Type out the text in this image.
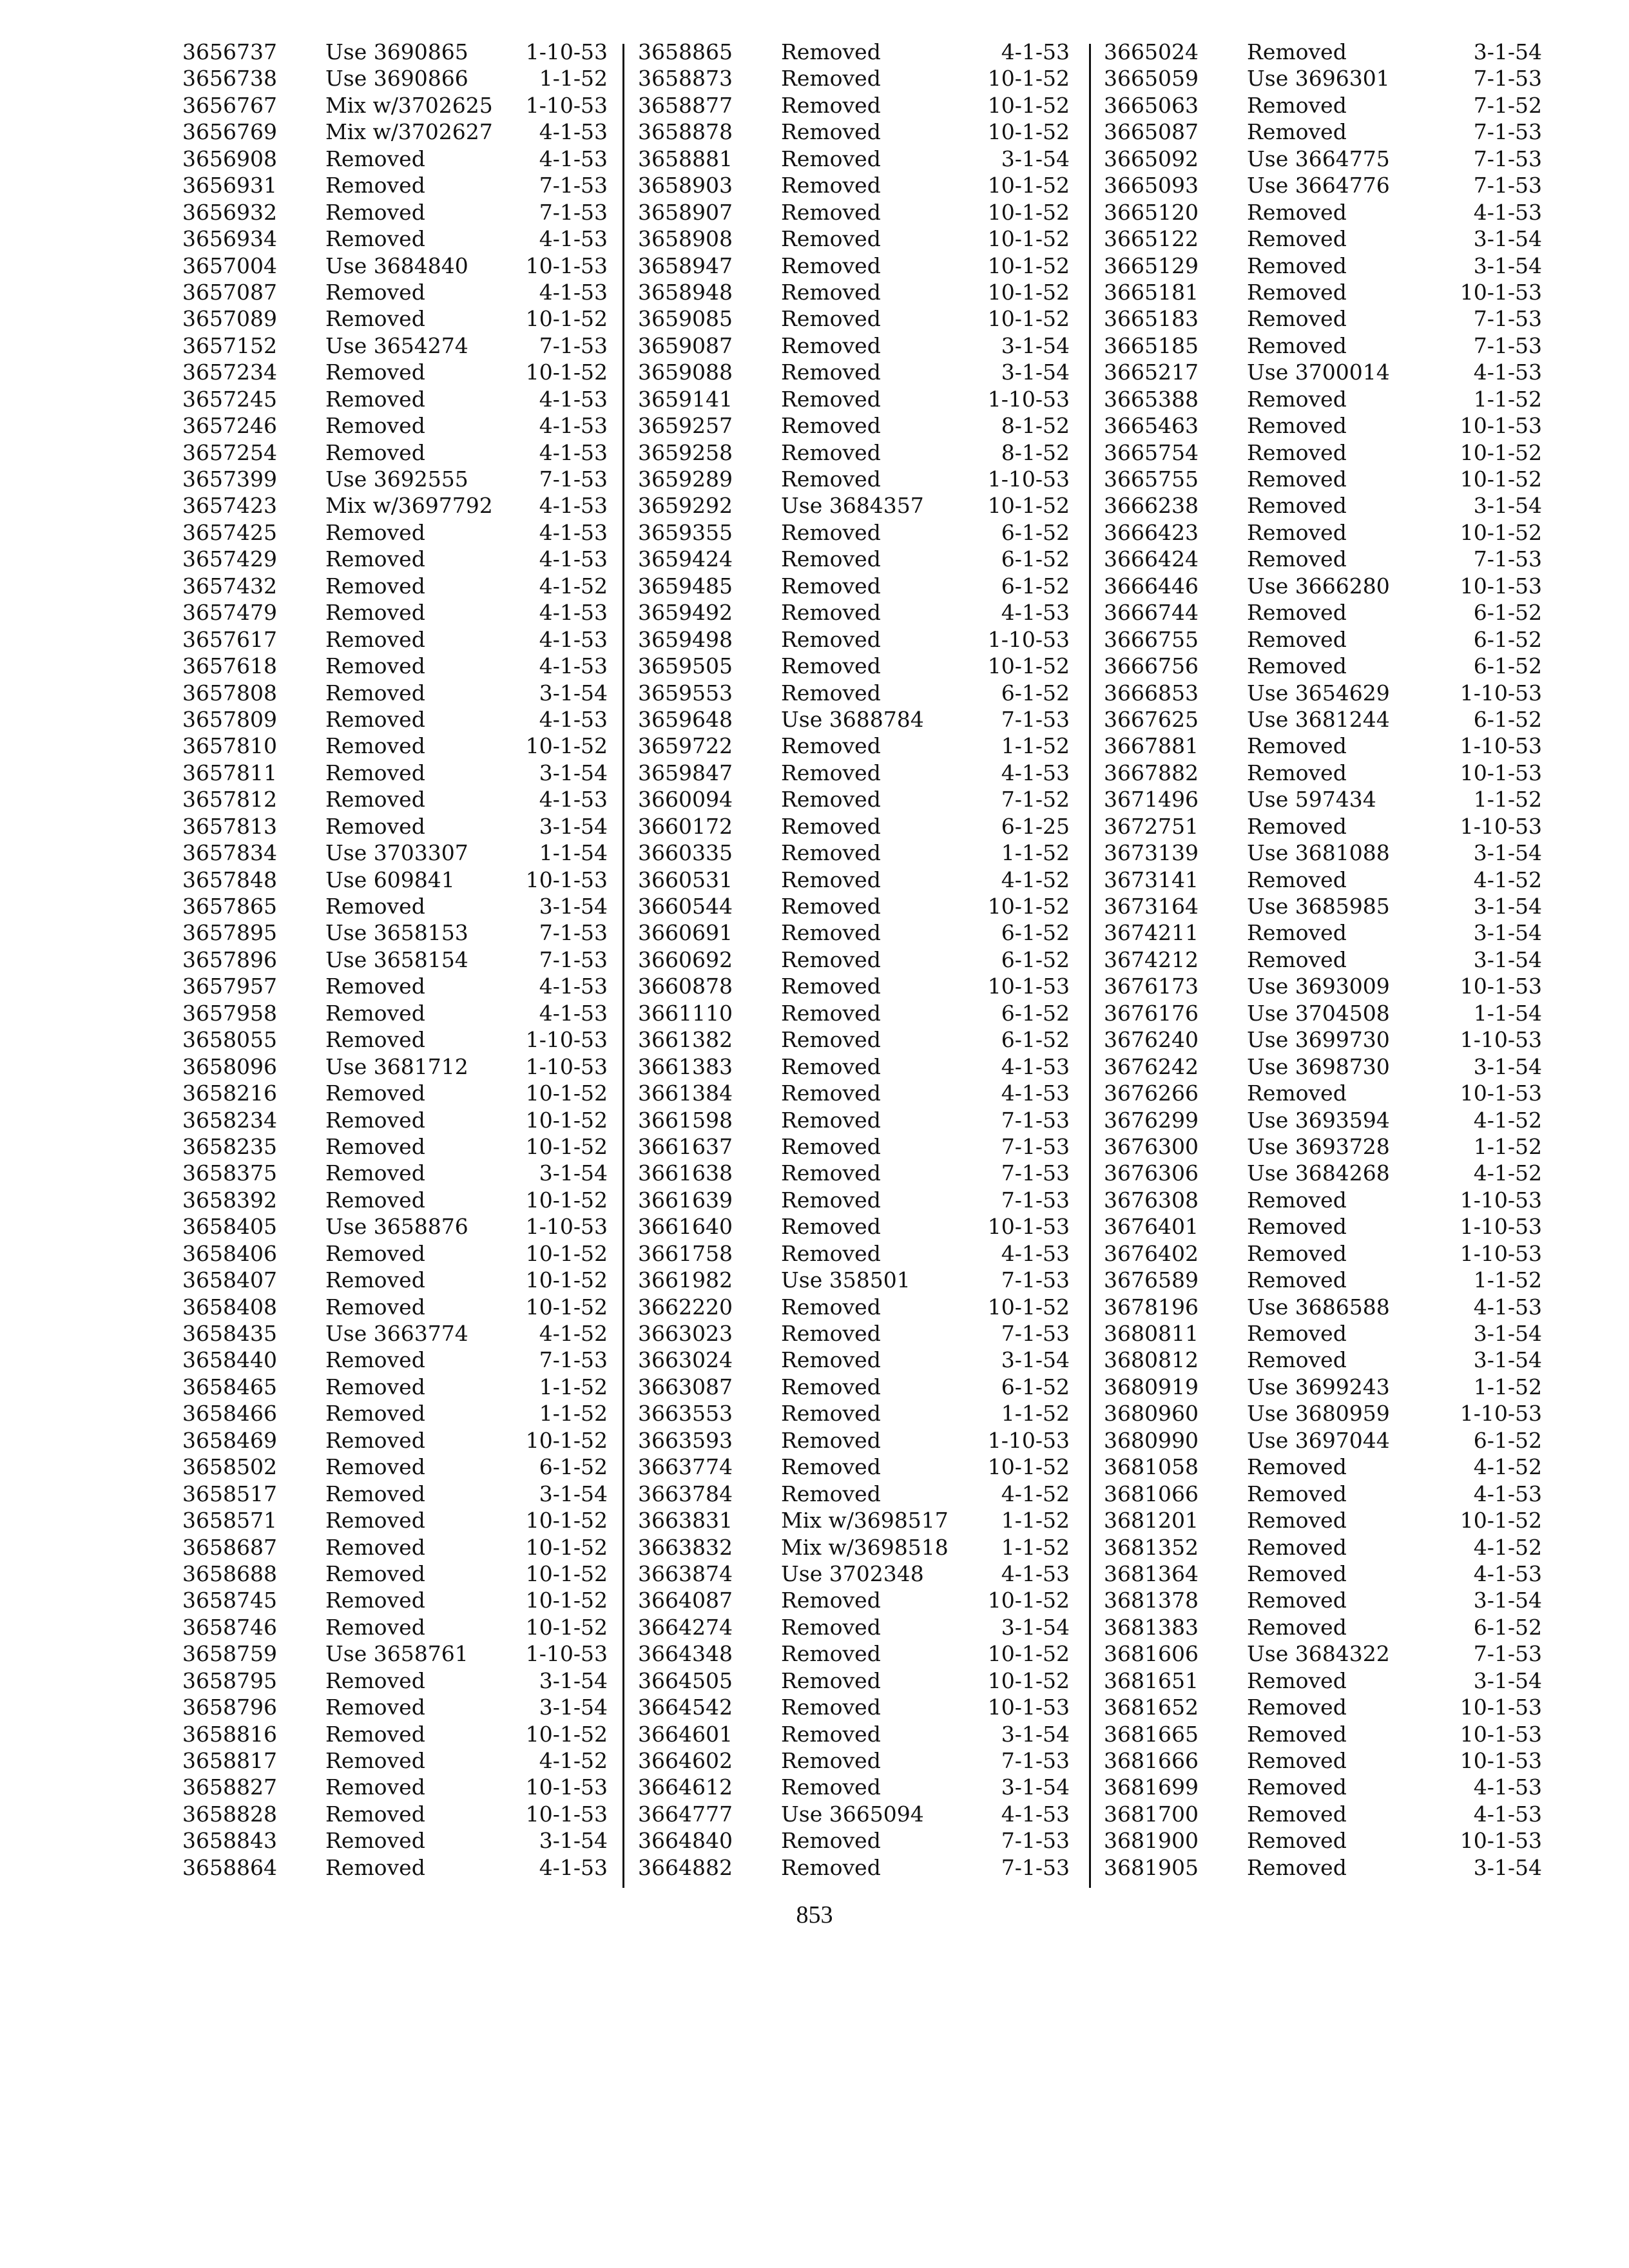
3656737 Use 3690865	1-10-53
3656738 Use 3690866	1-1-52
3656767 Mix w/3702625 1-10-53
3656769 Mix w/3702627 4-1-53
3656908 Removed	4-1-53
3656931 Removed	7-1-53
3656932 Removed	7-1-53
3656934 Removed	4-1-53
3657004 Use 3684840	10-1-53
3657087 Removed	4-1-53
3657089 Removed	10-1-52
3657152 Use 3654274	7-1-53
3657234 Removed	10-1-52
3657245 Removed	4-1-53
3657246 Removed	4-1-53
3657254 Removed	4-1-53
3657399 Use 3692555	7-1-53
3657423 Mix w/3697792 4-1-53
3657425 Removed	4-1-53
3657429 Removed	4-1-53
3657432 Removed	4-1-52
3657479 Removed	4-1-53
3657617 Removed	4-1-53
3657618 Removed	4-1-53
3657808 Removed	3-1-54
3657809 Removed	4-1-53
3657810 Removed	10-1-52
3657811 Removed	3-1-54
3657812 Removed	4-1-53
3657813 Removed	3-1-54
3657834 Use 3703307	1-1-54
3657848 Use 609841	10-1-53
3657865 Removed	3-1-54
3657895 Use 3658153	7-1-53
3657896 Use 3658154	7-1-53
3657957 Removed	4-1-53
3657958 Removed	4-1-53
3658055 Removed	1-10-53
3658096 Use 3681712	1-10-53
3658216 Removed	10-1-52
3658234 Removed	10-1-52
3658235 Removed	10-1-52
3658375 Removed	3-1-54
3658392 Removed	10-1-52
3658405 Use 3658876	1-10-53
3658406 Removed	10-1-52
3658407 Removed	10-1-52
3658408 Removed	10-1-52
3658435 Use 3663774	4-1-52
3658440 Removed	7-1-53
3658465 Removed	1-1-52
3658466 Removed	1-1-52
3658469 Removed	10-1-52
3658502 Removed	6-1-52
3658517 Removed	3-1-54
3658571 Removed	10-1-52
3658687 Removed	10-1-52
3658688 Removed	10-1-52
3658745 Removed	10-1-52
3658746 Removed	10-1-52
3658759 Use 3658761	1-10-53
3658795 Removed	3-1-54
3658796 Removed	3-1-54
3658816 Removed	10-1-52
3658817 Removed	4-1-52
3658827 Removed	10-1-53
3658828 Removed	10-1-53
3658843 Removed	3-1-54
3658864 Removed	4-1-53
3658865 Removed	4-1-53
3658873 Removed	10-1-52
3658877 Removed	10-1-52
3658878 Removed	10-1-52
3658881 Removed	3-1-54
3658903 Removed	10-1-52
3658907 Removed	10-1-52
3658908 Removed	10-1-52
3658947 Removed	10-1-52
3658948 Removed	10-1-52
3659085 Removed	10-1-52
3659087 Removed	3-1-54
3659088 Removed	3-1-54
3659141 Removed	1-10-53
3659257 Removed	8-1-52
3659258 Removed	8-1-52
3659289 Removed	1-10-53
3659292 Use 3684357	10-1-52
3659355 Removed	6-1-52
3659424 Removed	6-1-52
3659485 Removed	6-1-52
3659492 Removed	4-1-53
3659498 Removed	1-10-53
3659505 Removed	10-1-52
3659553 Removed	6-1-52
3659648 Use 3688784	7-1-53
3659722 Removed	1-1-52
3659847 Removed	4-1-53
3660094 Removed	7-1-52
3660172 Removed	6-1-25
3660335 Removed	1-1-52
3660531 Removed	4-1-52
3660544 Removed	10-1-52
3660691 Removed	6-1-52
3660692 Removed	6-1-52
3660878 Removed	10-1-53
3661110 Removed	6-1-52
3661382 Removed	6-1-52
3661383 Removed	4-1-53
3661384 Removed	4-1-53
3661598 Removed	7-1-53
3661637 Removed	7-1-53
3661638 Removed	7-1-53
3661639 Removed	7-1-53
3661640 Removed	10-1-53
3661758 Removed	4-1-53
3661982 Use 358501	7-1-53
3662220 Removed	10-1-52
3663023 Removed	7-1-53
3663024 Removed	3-1-54
3663087 Removed	6-1-52
3663553 Removed	1-1-52
3663593 Removed	1-10-53
3663774 Removed	10-1-52
3663784 Removed	4-1-52
3663831 Mix w/3698517 1-1-52
3663832 Mix w/3698518 1-1-52
3663874 Use 3702348	4-1-53
3664087 Removed	10-1-52
3664274 Removed	3-1-54
3664348 Removed	10-1-52
3664505 Removed	10-1-52
3664542 Removed	10-1-53
3664601 Removed	3-1-54
3664602 Removed	7-1-53
3664612 Removed	3-1-54
3664777 Use 3665094	4-1-53
3664840 Removed	7-1-53
3664882 Removed	7-1-53
3665024 Removed	3-1-54
3665059 Use 3696301	7-1-53
3665063 Removed	7-1-52
3665087 Removed	7-1-53
3665092 Use 3664775	7-1-53
3665093 Use 3664776	7-1-53
3665120 Removed	4-1-53
3665122 Removed	3-1-54
3665129 Removed	3-1-54
3665181 Removed	10-1-53
3665183 Removed	7-1-53
3665185 Removed	7-1-53
3665217 Use 3700014	4-1-53
3665388 Removed	1-1-52
3665463 Removed	10-1-53
3665754 Removed	10-1-52
3665755 Removed	10-1-52
3666238 Removed	3-1-54
3666423 Removed	10-1-52
3666424 Removed	7-1-53
3666446 Use 3666280	10-1-53
3666744 Removed	6-1-52
3666755 Removed	6-1-52
3666756 Removed	6-1-52
3666853 Use 3654629	1-10-53
3667625 Use 3681244	6-1-52
3667881 Removed	1-10-53
3667882 Removed	10-1-53
3671496 Use 597434	1-1-52
3672751 Removed	1-10-53
3673139 Use 3681088	3-1-54
3673141 Removed	4-1-52
3673164 Use 3685985	3-1-54
3674211 Removed	3-1-54
3674212 Removed	3-1-54
3676173 Use 3693009	10-1-53
3676176 Use 3704508	1-1-54
3676240 Use 3699730	1-10-53
3676242 Use 3698730	3-1-54
3676266 Removed	10-1-53
3676299 Use 3693594	4-1-52
3676300 Use 3693728	1-1-52
3676306 Use 3684268	4-1-52
3676308 Removed	1-10-53
3676401 Removed	1-10-53
3676402 Removed	1-10-53
3676589 Removed	1-1-52
3678196 Use 3686588	4-1-53
3680811 Removed	3-1-54
3680812 Removed	3-1-54
3680919 Use 3699243	1-1-52
3680960 Use 3680959	1-10-53
3680990 Use 3697044	6-1-52
3681058 Removed	4-1-52
3681066 Removed	4-1-53
3681201 Removed	10-1-52
3681352 Removed	4-1-52
3681364 Removed	4-1-53
3681378 Removed	3-1-54
3681383 Removed	6-1-52
3681606 Use 3684322	7-1-53
3681651 Removed	3-1-54
3681652 Removed	10-1-53
3681665 Removed	10-1-53
3681666 Removed	10-1-53
3681699 Removed	4-1-53
3681700 Removed	4-1-53
3681900 Removed	10-1-53
3681905 Removed	3-1-54
853
